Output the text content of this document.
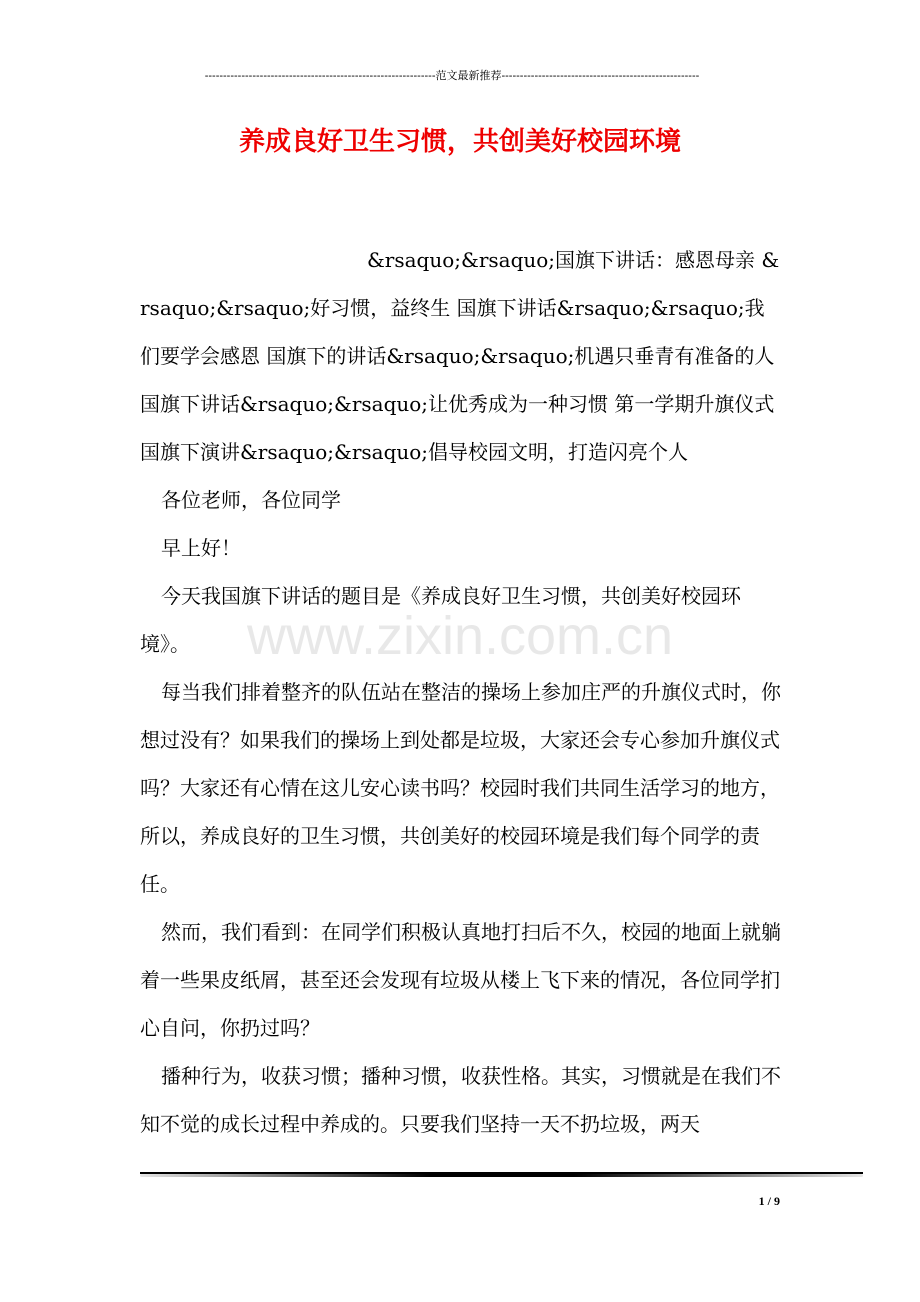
---------------------------------------------------------------范文最新推荐------------------------------------------------------
养成良好卫生习惯，共创美好校园环境

&rsaquo;&rsaquo;国旗下讲话：感恩母亲 &rsaquo;&rsaquo;好习惯，益终生 国旗下讲话&rsaquo;&rsaquo;我们要学会感恩 国旗下的讲话&rsaquo;&rsaquo;机遇只垂青有准备的人 国旗下讲话&rsaquo;&rsaquo;让优秀成为一种习惯 第一学期升旗仪式国旗下演讲&rsaquo;&rsaquo;倡导校园文明，打造闪亮个人

各位老师，各位同学

早上好！

今天我国旗下讲话的题目是《养成良好卫生习惯，共创美好校园环境》。

每当我们排着整齐的队伍站在整洁的操场上参加庄严的升旗仪式时，你想过没有？如果我们的操场上到处都是垃圾，大家还会专心参加升旗仪式吗？大家还有心情在这儿安心读书吗？校园时我们共同生活学习的地方，所以，养成良好的卫生习惯，共创美好的校园环境是我们每个同学的责任。

然而，我们看到：在同学们积极认真地打扫后不久，校园的地面上就躺着一些果皮纸屑，甚至还会发现有垃圾从楼上飞下来的情况，各位同学扪心自问，你扔过吗？

播种行为，收获习惯；播种习惯，收获性格。其实，习惯就是在我们不知不觉的成长过程中养成的。只要我们坚持一天不扔垃圾，两天

www.zixin.com.cn
1 / 9
